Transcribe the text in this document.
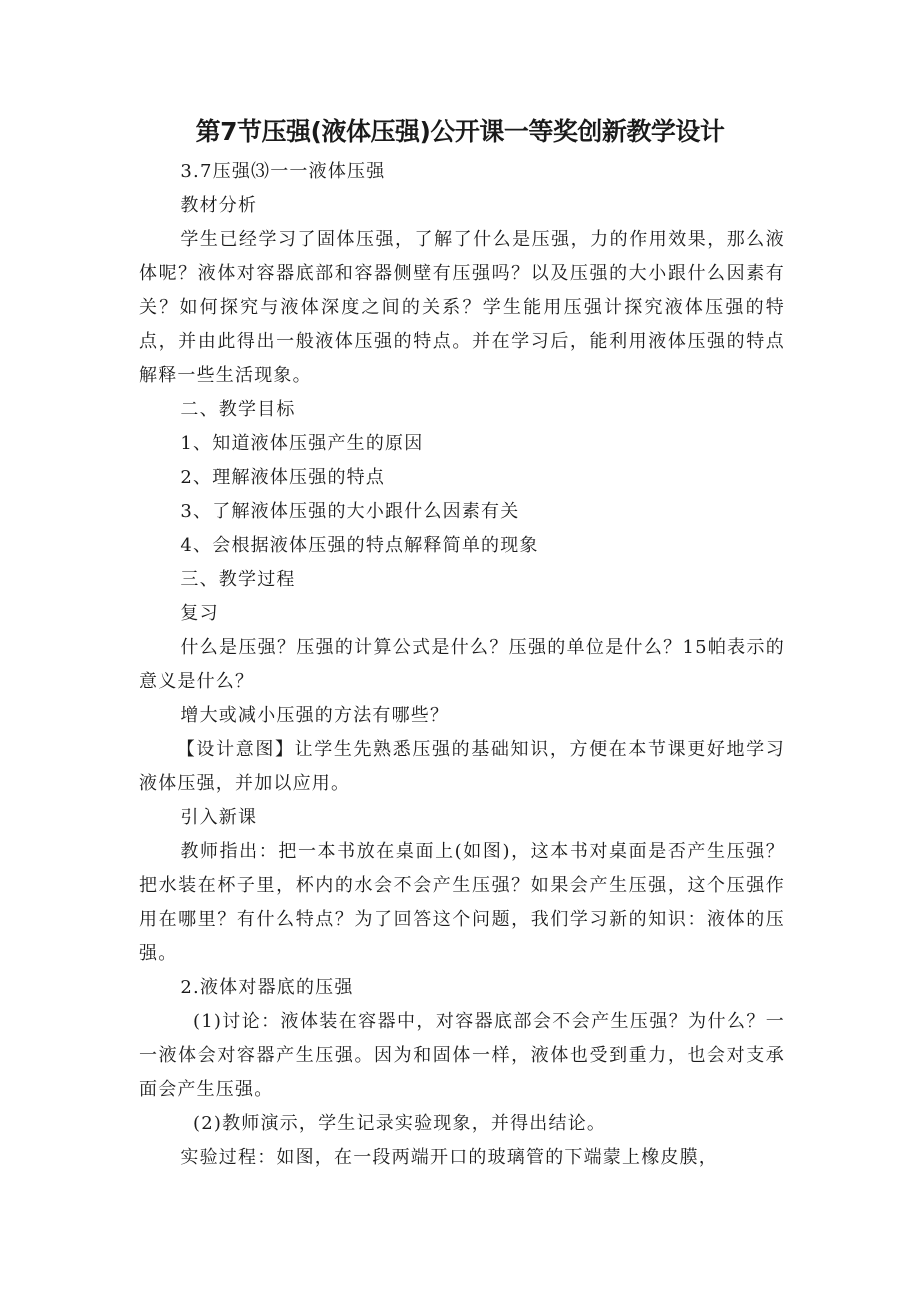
第7节压强(液体压强)公开课一等奖创新教学设计

3.7压强⑶一一液体压强

教材分析

学生已经学习了固体压强，了解了什么是压强，力的作用效果，那么液体呢？液体对容器底部和容器侧壁有压强吗？以及压强的大小跟什么因素有关？如何探究与液体深度之间的关系？学生能用压强计探究液体压强的特点，并由此得出一般液体压强的特点。并在学习后，能利用液体压强的特点解释一些生活现象。

二、教学目标

1、知道液体压强产生的原因

2、理解液体压强的特点

3、了解液体压强的大小跟什么因素有关

4、会根据液体压强的特点解释简单的现象

三、教学过程

复习

什么是压强？压强的计算公式是什么？压强的单位是什么？15帕表示的意义是什么？

增大或减小压强的方法有哪些？

【设计意图】让学生先熟悉压强的基础知识，方便在本节课更好地学习液体压强，并加以应用。

引入新课

教师指出：把一本书放在桌面上(如图)，这本书对桌面是否产生压强？把水装在杯子里，杯内的水会不会产生压强？如果会产生压强，这个压强作用在哪里？有什么特点？为了回答这个问题，我们学习新的知识：液体的压强。

2.液体对器底的压强

(1)讨论：液体装在容器中，对容器底部会不会产生压强？为什么？一一液体会对容器产生压强。因为和固体一样，液体也受到重力，也会对支承面会产生压强。

(2)教师演示，学生记录实验现象，并得出结论。

实验过程：如图，在一段两端开口的玻璃管的下端蒙上橡皮膜，
